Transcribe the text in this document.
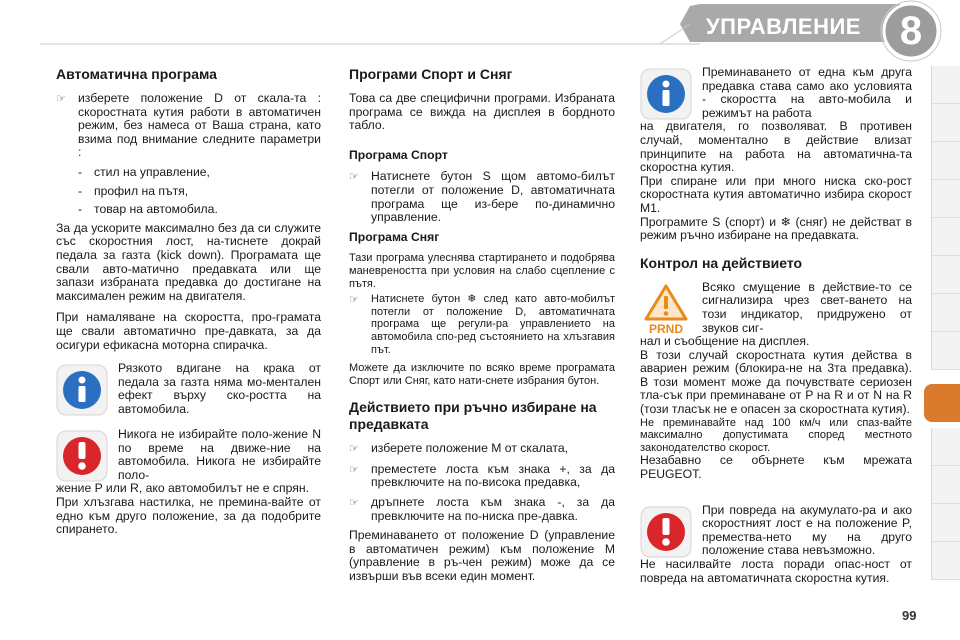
УПРАВЛЕНИЕ 8
Автоматична програма
☞ изберете положение D от скала-та : скоростната кутия работи в автоматичен режим, без намеса от Ваша страна, като взима под внимание следните параметри :
- стил на управление,
- профил на пътя,
- товар на автомобила.

За да ускорите максимално без да си служите със скоростния лост, на-тиснете докрай педала за газта (kick down). Програмата ще свали авто-матично предавката или ще запази избраната предавка до достигане на максимален режим на двигателя.

При намаляване на скоростта, про-грамата ще свали автоматично пре-давката, за да осигури ефикасна моторна спирачка.

Рязкото вдигане на крака от педала за газта няма мо-ментален ефект върху ско-ростта на автомобила.

Никога не избирайте поло-жение N по време на движе-ние на автомобила. Никога не избирайте поло-

жение P или R, ако автомобилът не е спрян.

При хлъзгава настилка, не премина-вайте от едно към друго положение, за да подобрите спирането.

Програми Спорт и Сняг

Това са две специфични програми. Избраната програма се вижда на дисплея в бордното табло.

Програма Спорт
☞ Натиснете бутон S щом автомо-билът потегли от положение D, автоматичната програма ще из-бере по-динамично управление.
Програма Сняг

Тази програма улеснява стартирането и подобрява маневреността при условия на слабо сцепление с пътя.

☞	Натиснете бутон ❄ след като авто-мобилът потегли от положение D, автоматичната програма ще регули-ра управлението на автомобила спо-ред състоянието на хлъзгавия път.

Можете да изключите по всяко време програмата Спорт или Сняг, като нати-снете избрания бутон.

Действието при ръчно избиране на предавката
☞ изберете положение M от скалата,
☞ преместете лоста към знака +, за да превключите на по-висока предавка,
☞ дръпнете лоста към знака -, за да превключите на по-ниска пре-давка.

Преминаването от положение D (управление в автоматичен режим) към положение M (управление в ръ-чен режим) може да се извърши във всеки един момент.

Преминаването от една към друга предавка става само ако условията - скоростта на авто-мобила и режимът на работа

на двигателя, го позволяват. В противен случай, моментално в действие влизат принципите на работа на автоматична-та скоростна кутия.

При спиране или при много ниска ско-рост скоростната кутия автоматично избира скорост M1.

Програмите S (спорт) и ❄ (сняг) не действат в режим ръчно избиране на предавката.

Контрол на действието
PRND

Всяко смущение в действие-то се сигнализира чрез свет-ването на този индикатор, придружено от звуков сиг-

нал и съобщение на дисплея.

В този случай скоростната кутия действа в авариен режим (блокира-не на 3та предавка). В този момент може да почувствате сериозен тла-сък при преминаване от P на R и от N на R (този тласък не е опасен за скоростната кутия).

Не преминавайте над 100 км/ч или спаз-вайте максимално допустимата според местното законодателство скорост.

Незабавно се обърнете към мрежата PEUGEOT.

При повреда на акумулато-ра и ако скоростният лост е на положение P, премества-нето му на друго положение става невъзможно.

Не насилвайте лоста поради опас-ност от повреда на автоматичната скоростна кутия.

99
